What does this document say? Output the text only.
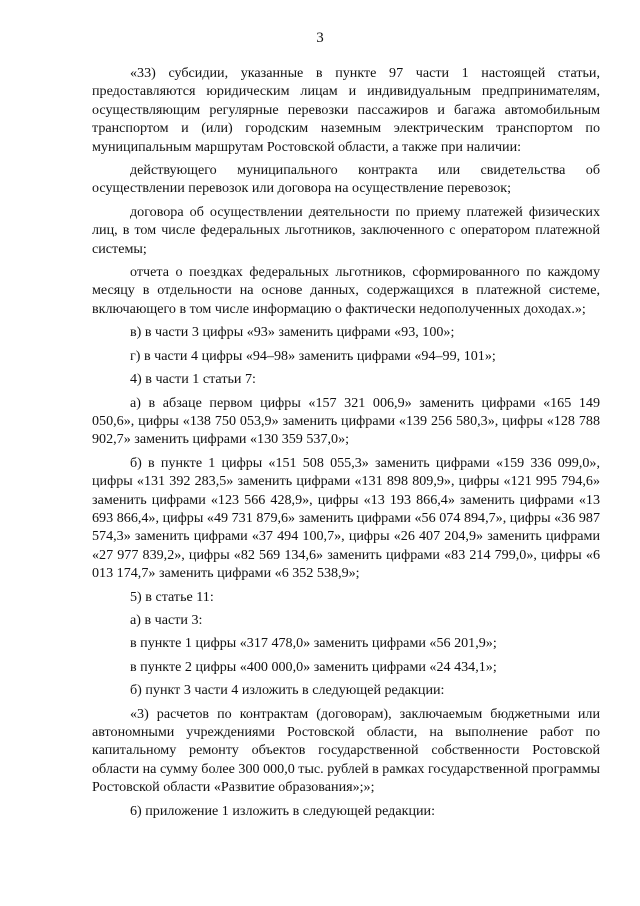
3

«33) субсидии, указанные в пункте 97 части 1 настоящей статьи, предоставляются юридическим лицам и индивидуальным предпринимателям, осуществляющим регулярные перевозки пассажиров и багажа автомобильным транспортом и (или) городским наземным электрическим транспортом по муниципальным маршрутам Ростовской области, а также при наличии:

действующего муниципального контракта или свидетельства об осуществлении перевозок или договора на осуществление перевозок;

договора об осуществлении деятельности по приему платежей физических лиц, в том числе федеральных льготников, заключенного с оператором платежной системы;

отчета о поездках федеральных льготников, сформированного по каждому месяцу в отдельности на основе данных, содержащихся в платежной системе, включающего в том числе информацию о фактически недополученных доходах.»;

в) в части 3 цифры «93» заменить цифрами «93, 100»;

г) в части 4 цифры «94–98» заменить цифрами «94–99, 101»;

4) в части 1 статьи 7:

а) в абзаце первом цифры «157 321 006,9» заменить цифрами «165 149 050,6», цифры «138 750 053,9» заменить цифрами «139 256 580,3», цифры «128 788 902,7» заменить цифрами «130 359 537,0»;

б) в пункте 1 цифры «151 508 055,3» заменить цифрами «159 336 099,0», цифры «131 392 283,5» заменить цифрами «131 898 809,9», цифры «121 995 794,6» заменить цифрами «123 566 428,9», цифры «13 193 866,4» заменить цифрами «13 693 866,4», цифры «49 731 879,6» заменить цифрами «56 074 894,7», цифры «36 987 574,3» заменить цифрами «37 494 100,7», цифры «26 407 204,9» заменить цифрами «27 977 839,2», цифры «82 569 134,6» заменить цифрами «83 214 799,0», цифры «6 013 174,7» заменить цифрами «6 352 538,9»;

5) в статье 11:

а) в части 3:

в пункте 1 цифры «317 478,0» заменить цифрами «56 201,9»;

в пункте 2 цифры «400 000,0» заменить цифрами «24 434,1»;

б) пункт 3 части 4 изложить в следующей редакции:

«3) расчетов по контрактам (договорам), заключаемым бюджетными или автономными учреждениями Ростовской области, на выполнение работ по капитальному ремонту объектов государственной собственности Ростовской области на сумму более 300 000,0 тыс. рублей в рамках государственной программы Ростовской области «Развитие образования»;»;

6) приложение 1 изложить в следующей редакции:
